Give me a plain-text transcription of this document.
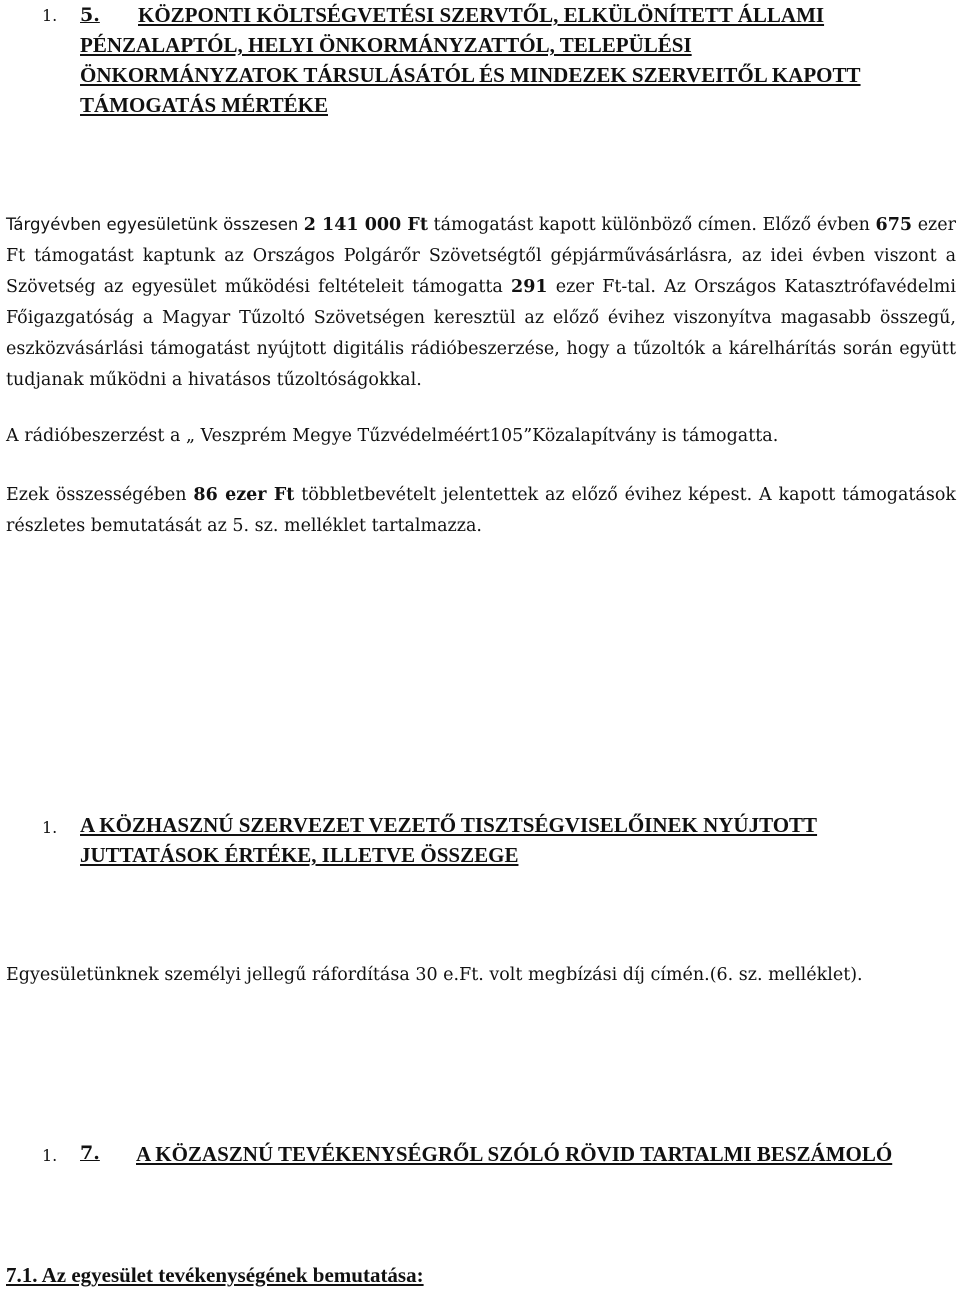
1. 5.	KÖZPONTI KÖLTSÉGVETÉSI SZERVTŐL, ELKÜLÖNÍTETT ÁLLAMI
PÉNZALAPTÓL, HELYI ÖNKORMÁNYZATTÓL, TELEPÜLÉSI
ÖNKORMÁNYZATOK TÁRSULÁSÁTÓL ÉS MINDEZEK SZERVEITŐL KAPOTT
TÁMOGATÁS MÉRTÉKE
Tárgyévben egyesületünk összesen 2 141 000 Ft támogatást kapott különböző címen. Előző évben 675 ezer Ft támogatást kaptunk az Országos Polgárőr Szövetségtől gépjárművásárlásra, az idei évben viszont a Szövetség az egyesület működési feltételeit támogatta 291 ezer Ft-tal. Az Országos Katasztrófavédelmi Főigazgatóság a Magyar Tűzoltó Szövetségen keresztül az előző évihez viszonyítva magasabb összegű, eszközvásárlási támogatást nyújtott digitális rádióbeszerzése, hogy a tűzoltók a kárelhárítás során együtt tudjanak működni a hivatásos tűzoltóságokkal.
A rádióbeszerzést a „ Veszprém Megye Tűzvédelméért105”Közalapítvány is támogatta.
Ezek összességében 86 ezer Ft többletbevételt jelentettek az előző évihez képest. A kapott támogatások részletes bemutatását az 5. sz. melléklet tartalmazza.
1. A KÖZHASZNÚ SZERVEZET VEZETŐ TISZTSÉGVISELŐINEK NYÚJTOTT
JUTTATÁSOK ÉRTÉKE, ILLETVE ÖSSZEGE
Egyesületünknek személyi jellegű ráfordítása 30 e.Ft. volt megbízási díj címén.(6. sz. melléklet).
1. 7. A KÖZASZNÚ TEVÉKENYSÉGRŐL SZÓLÓ RÖVID TARTALMI BESZÁMOLÓ
7.1. Az egyesület tevékenységének bemutatása:
